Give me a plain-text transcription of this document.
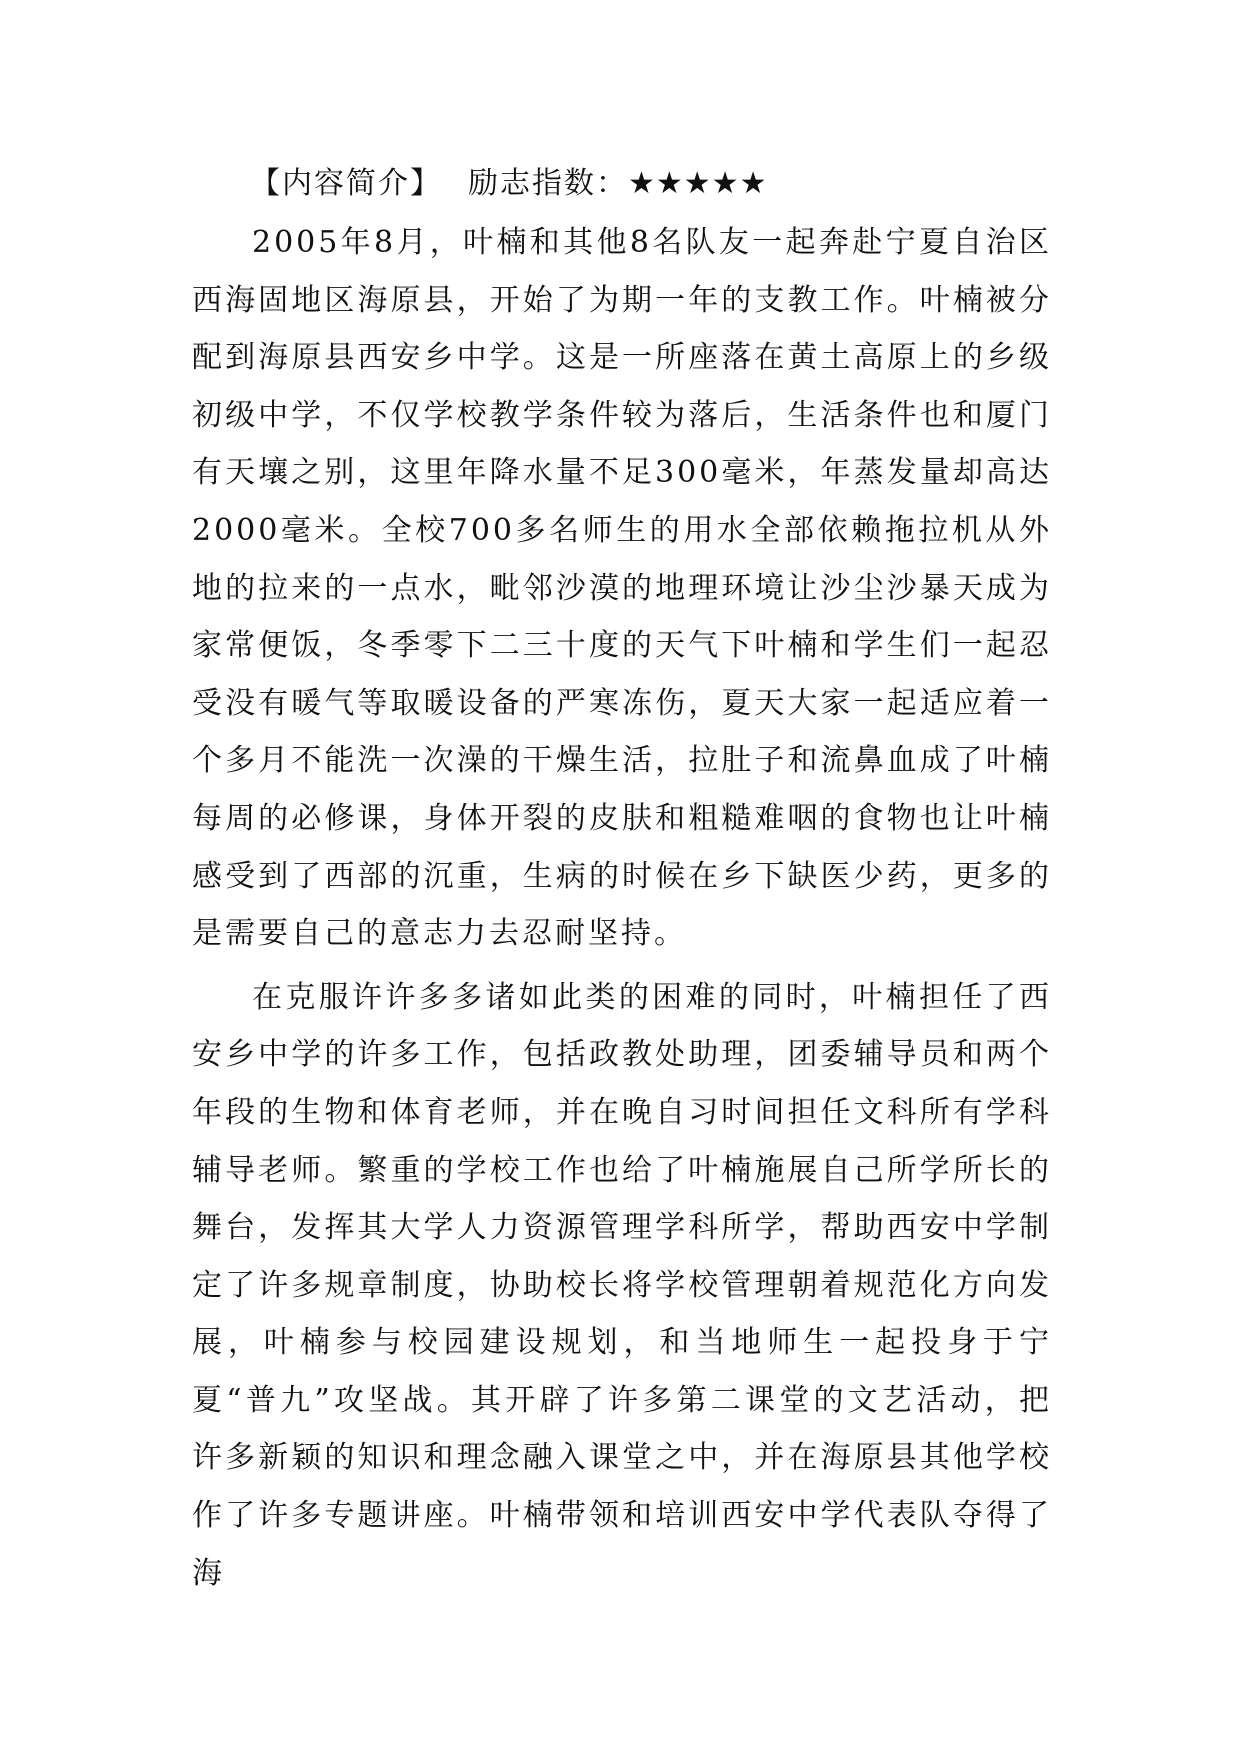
【内容简介】 励志指数：★★★★★

2005年8月，叶楠和其他8名队友一起奔赴宁夏自治区西海固地区海原县，开始了为期一年的支教工作。叶楠被分配到海原县西安乡中学。这是一所座落在黄土高原上的乡级初级中学，不仅学校教学条件较为落后，生活条件也和厦门有天壤之别，这里年降水量不足300毫米，年蒸发量却高达2000毫米。全校700多名师生的用水全部依赖拖拉机从外地的拉来的一点水，毗邻沙漠的地理环境让沙尘沙暴天成为家常便饭，冬季零下二三十度的天气下叶楠和学生们一起忍受没有暖气等取暖设备的严寒冻伤，夏天大家一起适应着一个多月不能洗一次澡的干燥生活，拉肚子和流鼻血成了叶楠每周的必修课，身体开裂的皮肤和粗糙难咽的食物也让叶楠感受到了西部的沉重，生病的时候在乡下缺医少药，更多的是需要自己的意志力去忍耐坚持。

在克服许许多多诸如此类的困难的同时，叶楠担任了西安乡中学的许多工作，包括政教处助理，团委辅导员和两个年段的生物和体育老师，并在晚自习时间担任文科所有学科辅导老师。繁重的学校工作也给了叶楠施展自己所学所长的舞台，发挥其大学人力资源管理学科所学，帮助西安中学制定了许多规章制度，协助校长将学校管理朝着规范化方向发展，叶楠参与校园建设规划，和当地师生一起投身于宁夏“普九”攻坚战。其开辟了许多第二课堂的文艺活动，把许多新颖的知识和理念融入课堂之中，并在海原县其他学校作了许多专题讲座。叶楠带领和培训西安中学代表队夺得了海
